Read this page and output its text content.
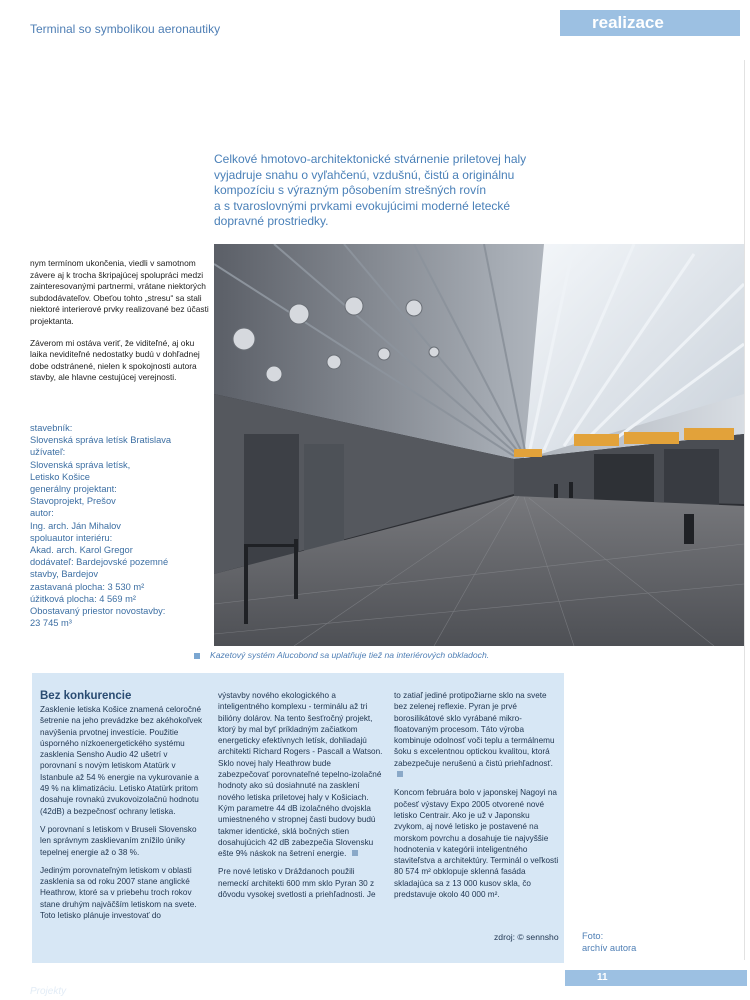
Terminal so symbolikou aeronautiky	realizace

Celkové hmotovo-architektonické stvárnenie priletovej haly

vyjadruje snahu o vyľahčenú, vzdušnú, čistú a originálnu

kompozíciu s výrazným pôsobením strešných rovín

a s tvaroslovnými prvkami evokujúcimi moderné letecké

dopravné prostriedky.

nym termínom ukončenia, viedli v samotnom závere aj k trocha škripajúcej spolupráci medzi zainteresovanými partnermi, vrátane niektorých subdodávateľov. Obeťou tohto „stresu“ sa stali niektoré interierové prvky realizované bez účasti projektanta.

Záverom mi ostáva veriť, že viditeľné, aj oku laika neviditeľné nedostatky budú v dohľadnej dobe odstránené, nielen k spokojnosti autora stavby, ale hlavne cestujúcej verejnosti.

stavebník:
Slovenská správa letísk Bratislava
užívateľ:
Slovenská správa letísk,
Letisko Košice
generálny projektant:
Stavoprojekt, Prešov
autor:
Ing. arch. Ján Mihalov
spoluautor interiéru:
Akad. arch. Karol Gregor
dodávateľ: Bardejovské pozemné
stavby, Bardejov
zastavaná plocha: 3 530 m²
úžitková plocha: 4 569 m²
Obostavaný priestor novostavby:
23 745 m³
Kazetový systém Alucobond sa uplatňuje tiež na interiérových obkladoch.
Bez konkurencie

Zasklenie letiska Košice znamená celoročné šetrenie na jeho prevádzke bez akéhokoľvek navýšenia prvotnej investície. Použitie úsporného nízkoenergetického systému zasklenia Sensho Audio 42 ušetrí v porovnaní s novým letiskom Atatürk v Istanbule až 54 % energie na vykurovanie a 49 % na klimatizáciu. Letisko Atatürk pritom dosahuje rovnakú zvukovoizolačnú hodnotu (42dB) a bezpečnosť ochrany letiska.

V porovnaní s letiskom v Bruseli Slovensko len správnym zasklievaním znížilo úniky tepelnej energie až o 38 %.

Jediným porovnateľným letiskom v oblasti zasklenia sa od roku 2007 stane anglické Heathrow, ktoré sa v priebehu troch rokov stane druhým najväčším letiskom na svete. Toto letisko plánuje investovať do

výstavby nového ekologického a inteligentného komplexu - terminálu až tri bilióny dolárov. Na tento šesťročný projekt, ktorý by mal byť príkladným začiatkom energeticky efektívnych letísk, dohliadajú architekti Richard Rogers - Pascall a Watson. Sklo novej haly Heathrow bude zabezpečovať porovnateľné tepelno-izolačné hodnoty ako sú dosiahnuté na zasklení nového letiska priletovej haly v Košiciach. Kým parametre 44 dB izolačného dvojskla umiestneného v stropnej časti budovy budú takmer identické, sklá bočných stien dosahujúcich 42 dB zabezpečia Slovensku ešte 9% náskok na šetrení energie.

Pre nové letisko v Dráždanoch použili nemeckí architekti 600 mm sklo Pyran 30 z dôvodu vysokej svetlosti a priehľadnosti. Je

to zatiaľ jediné protipožiarne sklo na svete bez zelenej reflexie. Pyran je prvé borosilikátové sklo vyrábané mikro-floatovaným procesom. Táto výroba kombinuje odolnosť voči teplu a termálnemu šoku s excelentnou optickou kvalitou, ktorá zabezpečuje nerušenú a čistú priehľadnosť.

Koncom februára bolo v japonskej Nagoyi na počesť výstavy Expo 2005 otvorené nové letisko Centrair. Ako je už v Japonsku zvykom, aj nové letisko je postavené na morskom povrchu a dosahuje tie najvyššie hodnotenia v kategórii inteligentného staviteľstva a architektúry. Terminál o veľkosti 80 574 m² obklopuje sklenná fasáda skladajúca sa z 13 000 kusov skla, čo predstavuje okolo 40 000 m².

zdroj: © sennsho	Foto:
archív autora
Projekty
11
